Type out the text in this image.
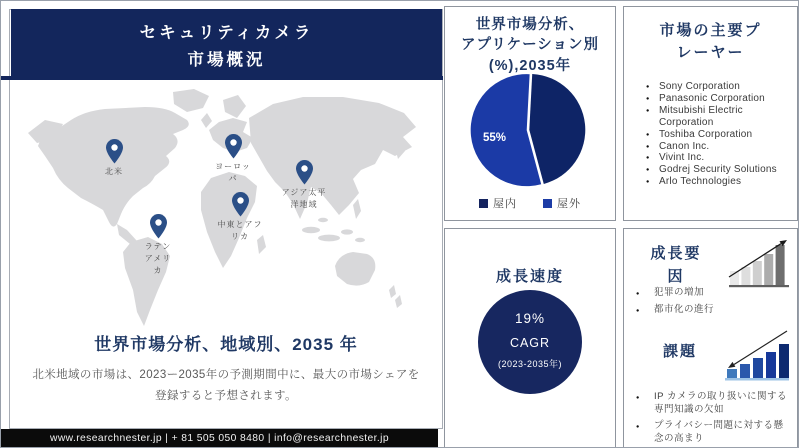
セキュリティカメラ
市場概況
北米
ヨーロッ
パ
アジア太平
洋地域
中東とアフ
リカ
ラテン
アメリ
カ
世界市場分析、地域別、2035 年
北米地域の市場は、2023ー2035年の予測期間中に、最大の市場シェアを登録すると予想されます。
www.researchnester.jp | + 81 505 050 8480 | info@researchnester.jp
世界市場分析、
アプリケーション別
(%),2035年
55%
屋内	屋外
市場の主要プ
レーヤー
● Sony Corporation
● Panasonic Corporation
● Mitsubishi Electric Corporation
● Toshiba Corporation
● Canon Inc.
● Vivint Inc.
● Godrej Security Solutions
● Arlo Technologies
成長速度
19%
CAGR
(2023-2035年)
成長要
因
● 犯罪の増加
● 都市化の進行
課題
● IP カメラの取り扱いに関する専門知識の欠如
● プライバシー問題に対する懸念の高まり
